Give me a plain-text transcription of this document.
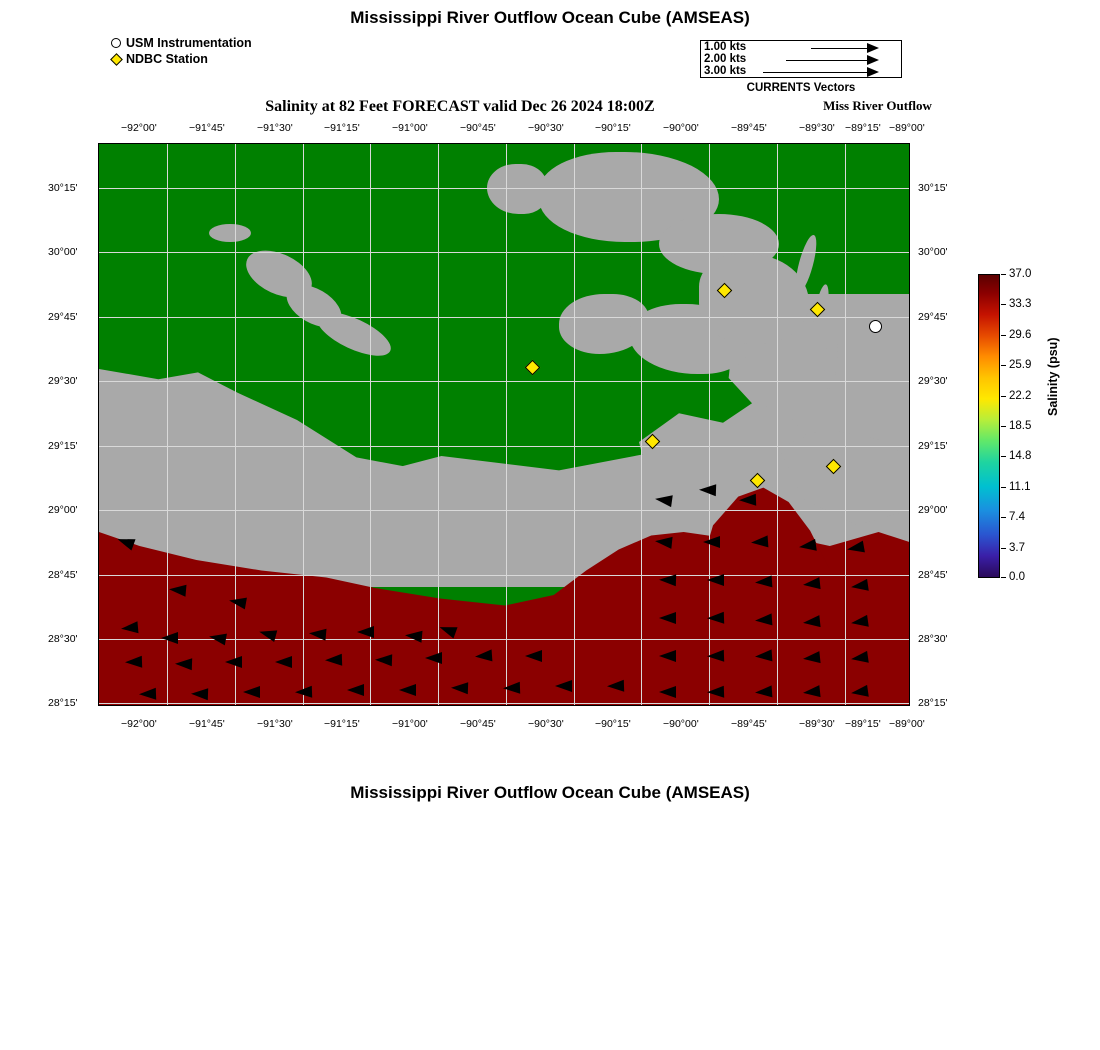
Mississippi River Outflow Ocean Cube (AMSEAS)
Salinity at 82 Feet FORECAST valid Dec 26 2024 18:00Z	Miss River Outflow
Mississippi River Outflow Ocean Cube (AMSEAS)
USM Instrumentation
NDBC Station
1.00 kts
2.00 kts
3.00 kts
CURRENTS Vectors
−92°00'	−91°45'	−91°30'	−91°15'	−91°00'	−90°45'	−90°30'	−90°15'	−90°00'	−89°45'	−89°30' −89°15' −89°00'
−92°00'	−91°45'	−91°30'	−91°15'	−91°00'	−90°45'	−90°30'	−90°15'	−90°00'	−89°45'	−89°30' −89°15' −89°00'
30°15'
30°00'
29°45'
29°30'
29°15'
29°00'
28°45'
28°30'
28°15'
30°15'
30°00'
29°45'
29°30'
29°15'
29°00'
28°45'
28°30'
28°15'
37.0
33.3
29.6
25.9
22.2
18.5
14.8
11.1
7.4
3.7
0.0
Salinity (psu)
